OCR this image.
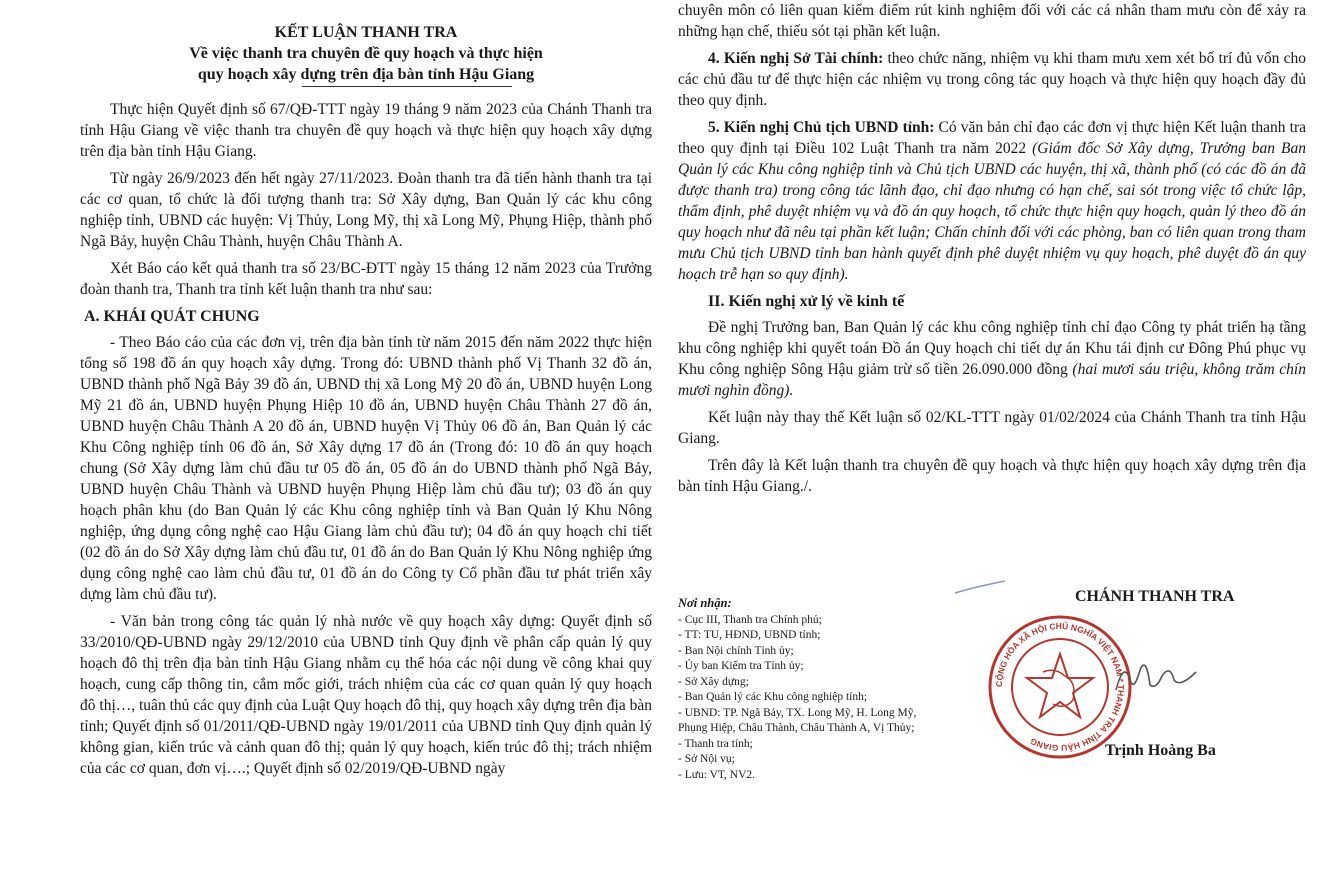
KẾT LUẬN THANH TRA

Về việc thanh tra chuyên đề quy hoạch và thực hiện

quy hoạch xây dựng trên địa bàn tỉnh Hậu Giang

Thực hiện Quyết định số 67/QĐ-TTT ngày 19 tháng 9 năm 2023 của Chánh Thanh tra tỉnh Hậu Giang về việc thanh tra chuyên đề quy hoạch và thực hiện quy hoạch xây dựng trên địa bàn tỉnh Hậu Giang.

Từ ngày 26/9/2023 đến hết ngày 27/11/2023. Đoàn thanh tra đã tiến hành thanh tra tại các cơ quan, tổ chức là đối tượng thanh tra: Sở Xây dựng, Ban Quản lý các khu công nghiệp tỉnh, UBND các huyện: Vị Thủy, Long Mỹ, thị xã Long Mỹ, Phụng Hiệp, thành phố Ngã Bảy, huyện Châu Thành, huyện Châu Thành A.

Xét Báo cáo kết quả thanh tra số 23/BC-ĐTT ngày 15 tháng 12 năm 2023 của Trưởng đoàn thanh tra, Thanh tra tỉnh kết luận thanh tra như sau:

A. KHÁI QUÁT CHUNG

- Theo Báo cáo của các đơn vị, trên địa bàn tỉnh từ năm 2015 đến năm 2022 thực hiện tổng số 198 đồ án quy hoạch xây dựng. Trong đó: UBND thành phố Vị Thanh 32 đồ án, UBND thành phố Ngã Bảy 39 đồ án, UBND thị xã Long Mỹ 20 đồ án, UBND huyện Long Mỹ 21 đồ án, UBND huyện Phụng Hiệp 10 đồ án, UBND huyện Châu Thành 27 đồ án, UBND huyện Châu Thành A 20 đồ án, UBND huyện Vị Thủy 06 đồ án, Ban Quản lý các Khu Công nghiệp tỉnh 06 đồ án, Sở Xây dựng 17 đồ án (Trong đó: 10 đồ án quy hoạch chung (Sở Xây dựng làm chủ đầu tư 05 đồ án, 05 đồ án do UBND thành phố Ngã Bảy, UBND huyện Châu Thành và UBND huyện Phụng Hiệp làm chủ đầu tư); 03 đồ án quy hoạch phân khu (do Ban Quản lý các Khu công nghiệp tỉnh và Ban Quản lý Khu Nông nghiệp, ứng dụng công nghệ cao Hậu Giang làm chủ đầu tư); 04 đồ án quy hoạch chi tiết (02 đồ án do Sở Xây dựng làm chủ đầu tư, 01 đồ án do Ban Quản lý Khu Nông nghiệp ứng dụng công nghệ cao làm chủ đầu tư, 01 đồ án do Công ty Cổ phần đầu tư phát triển xây dựng làm chủ đầu tư).

- Văn bản trong công tác quản lý nhà nước về quy hoạch xây dựng: Quyết định số 33/2010/QĐ-UBND ngày 29/12/2010 của UBND tỉnh Quy định về phân cấp quản lý quy hoạch đô thị trên địa bàn tỉnh Hậu Giang nhằm cụ thể hóa các nội dung về công khai quy hoạch, cung cấp thông tin, cắm mốc giới, trách nhiệm của các cơ quan quản lý quy hoạch đô thị…, tuân thủ các quy định của Luật Quy hoạch đô thị, quy hoạch xây dựng trên địa bàn tỉnh; Quyết định số 01/2011/QĐ-UBND ngày 19/01/2011 của UBND tỉnh Quy định quản lý không gian, kiến trúc và cảnh quan đô thị; quản lý quy hoạch, kiến trúc đô thị; trách nhiệm của các cơ quan, đơn vị….; Quyết định số 02/2019/QĐ-UBND ngày

chuyên môn có liên quan kiểm điểm rút kinh nghiệm đối với các cá nhân tham mưu còn để xảy ra những hạn chế, thiếu sót tại phần kết luận.

4. Kiến nghị Sở Tài chính: theo chức năng, nhiệm vụ khi tham mưu xem xét bố trí đủ vốn cho các chủ đầu tư để thực hiện các nhiệm vụ trong công tác quy hoạch và thực hiện quy hoạch đầy đủ theo quy định.

5. Kiến nghị Chủ tịch UBND tỉnh: Có văn bản chỉ đạo các đơn vị thực hiện Kết luận thanh tra theo quy định tại Điều 102 Luật Thanh tra năm 2022 (Giám đốc Sở Xây dựng, Trưởng ban Ban Quản lý các Khu công nghiệp tỉnh và Chủ tịch UBND các huyện, thị xã, thành phố (có các đồ án đã được thanh tra) trong công tác lãnh đạo, chỉ đạo nhưng có hạn chế, sai sót trong việc tổ chức lập, thẩm định, phê duyệt nhiệm vụ và đồ án quy hoạch, tổ chức thực hiện quy hoạch, quản lý theo đồ án quy hoạch như đã nêu tại phần kết luận; Chấn chỉnh đối với các phòng, ban có liên quan trong tham mưu Chủ tịch UBND tỉnh ban hành quyết định phê duyệt nhiệm vụ quy hoạch, phê duyệt đồ án quy hoạch trễ hạn so quy định).

II. Kiến nghị xử lý về kinh tế

Đề nghị Trưởng ban, Ban Quản lý các khu công nghiệp tỉnh chỉ đạo Công ty phát triển hạ tầng khu công nghiệp khi quyết toán Đồ án Quy hoạch chi tiết dự án Khu tái định cư Đông Phú phục vụ Khu công nghiệp Sông Hậu giảm trừ số tiền 26.090.000 đồng (hai mươi sáu triệu, không trăm chín mươi nghìn đồng).

Kết luận này thay thế Kết luận số 02/KL-TTT ngày 01/02/2024 của Chánh Thanh tra tỉnh Hậu Giang.

Trên đây là Kết luận thanh tra chuyên đề quy hoạch và thực hiện quy hoạch xây dựng trên địa bàn tỉnh Hậu Giang./.

Nơi nhận:

- Cục III, Thanh tra Chính phủ;

- TT: TU, HĐND, UBND tỉnh;

- Ban Nội chính Tỉnh ủy;

- Ủy ban Kiểm tra Tỉnh ủy;

- Sở Xây dựng;

- Ban Quản lý các Khu công nghiệp tỉnh;

- UBND: TP. Ngã Bảy, TX. Long Mỹ, H. Long Mỹ,

Phụng Hiệp, Châu Thành, Châu Thành A, Vị Thủy;

- Thanh tra tỉnh;

- Sở Nội vụ;

- Lưu: VT, NV2.

CHÁNH THANH TRA
CỘNG HÒA XÃ HỘI CHỦ NGHĨA VIỆT NAM * THANH TRA TỈNH HẬU GIANG
Trịnh Hoàng Ba
